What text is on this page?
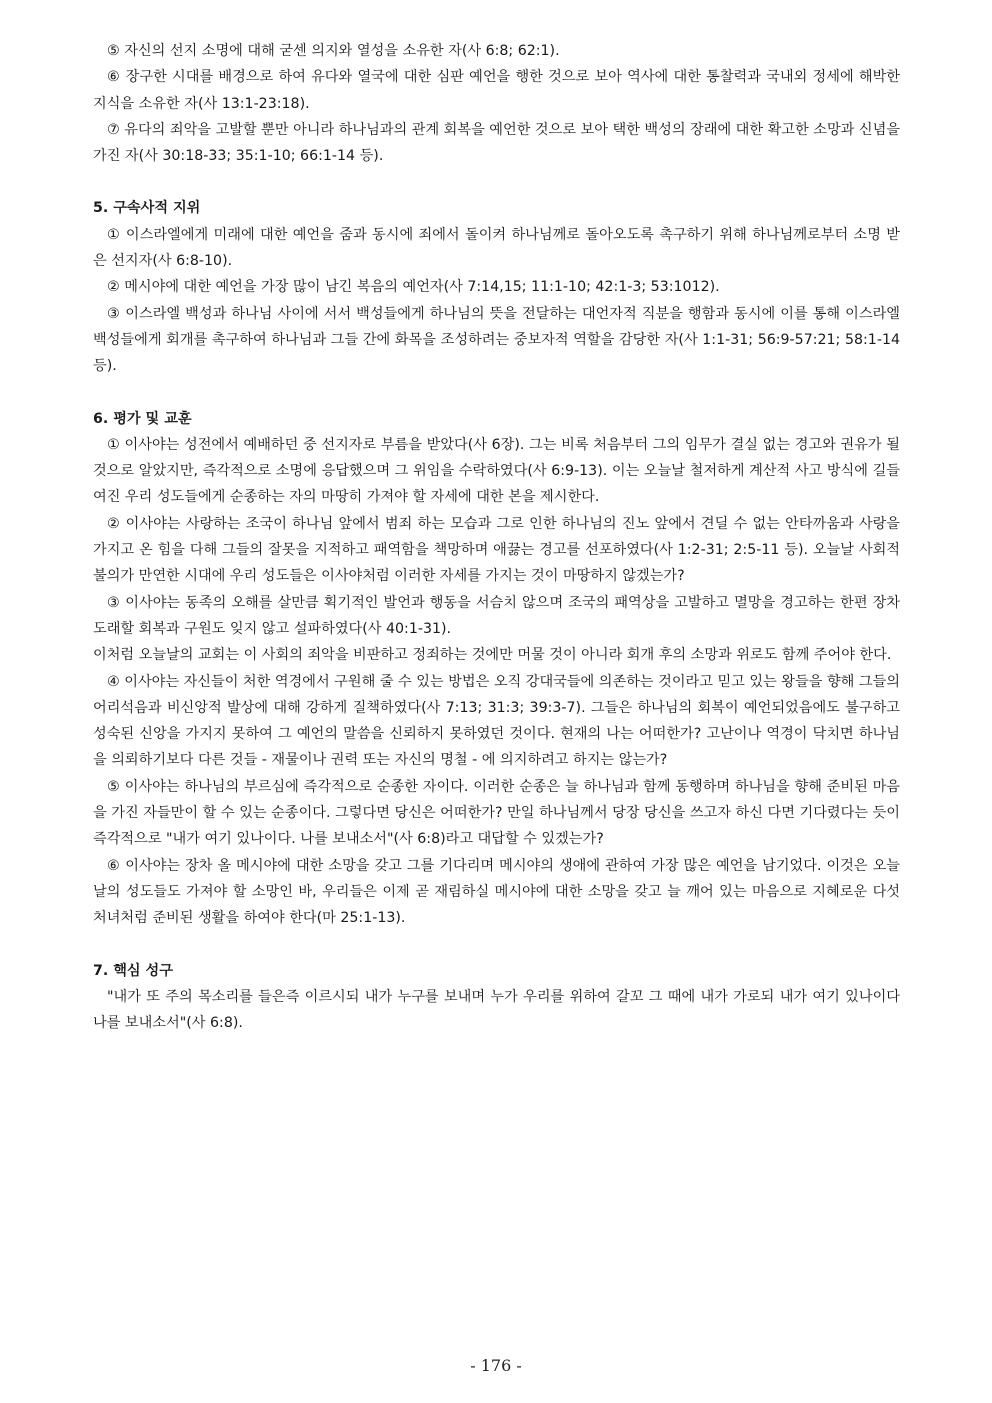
⑤ 자신의 선지 소명에 대해 굳센 의지와 열성을 소유한 자(사 6:8; 62:1).

⑥ 장구한 시대를 배경으로 하여 유다와 열국에 대한 심판 예언을 행한 것으로 보아 역사에 대한 통찰력과 국내외 정세에 해박한 지식을 소유한 자(사 13:1-23:18).

⑦ 유다의 죄악을 고발할 뿐만 아니라 하나님과의 관계 회복을 예언한 것으로 보아 택한 백성의 장래에 대한 확고한 소망과 신념을 가진 자(사 30:18-33; 35:1-10; 66:1-14 등).

5. 구속사적 지위

① 이스라엘에게 미래에 대한 예언을 줌과 동시에 죄에서 돌이켜 하나님께로 돌아오도록 촉구하기 위해 하나님께로부터 소명 받은 선지자(사 6:8-10).

② 메시야에 대한 예언을 가장 많이 남긴 복음의 예언자(사 7:14,15; 11:1-10; 42:1-3; 53:1012).

③ 이스라엘 백성과 하나님 사이에 서서 백성들에게 하나님의 뜻을 전달하는 대언자적 직분을 행함과 동시에 이를 통해 이스라엘 백성들에게 회개를 촉구하여 하나님과 그들 간에 화목을 조성하려는 중보자적 역할을 감당한 자(사 1:1-31; 56:9-57:21; 58:1-14 등).

6. 평가 및 교훈

① 이사야는 성전에서 예배하던 중 선지자로 부름을 받았다(사 6장). 그는 비록 처음부터 그의 임무가 결실 없는 경고와 권유가 될 것으로 알았지만, 즉각적으로 소명에 응답했으며 그 위임을 수락하였다(사 6:9-13). 이는 오늘날 철저하게 계산적 사고 방식에 길들여진 우리 성도들에게 순종하는 자의 마땅히 가져야 할 자세에 대한 본을 제시한다.

② 이사야는 사랑하는 조국이 하나님 앞에서 범죄 하는 모습과 그로 인한 하나님의 진노 앞에서 견딜 수 없는 안타까움과 사랑을 가지고 온 힘을 다해 그들의 잘못을 지적하고 패역함을 책망하며 애끓는 경고를 선포하였다(사 1:2-31; 2:5-11 등). 오늘날 사회적 불의가 만연한 시대에 우리 성도들은 이사야처럼 이러한 자세를 가지는 것이 마땅하지 않겠는가?

③ 이사야는 동족의 오해를 살만큼 획기적인 발언과 행동을 서슴치 않으며 조국의 패역상을 고발하고 멸망을 경고하는 한편 장차 도래할 회복과 구원도 잊지 않고 설파하였다(사 40:1-31).

이처럼 오늘날의 교회는 이 사회의 죄악을 비판하고 정죄하는 것에만 머물 것이 아니라 회개 후의 소망과 위로도 함께 주어야 한다.

④ 이사야는 자신들이 처한 역경에서 구원해 줄 수 있는 방법은 오직 강대국들에 의존하는 것이라고 믿고 있는 왕들을 향해 그들의 어리석음과 비신앙적 발상에 대해 강하게 질책하였다(사 7:13; 31:3; 39:3-7). 그들은 하나님의 회복이 예언되었음에도 불구하고 성숙된 신앙을 가지지 못하여 그 예언의 말씀을 신뢰하지 못하였던 것이다. 현재의 나는 어떠한가? 고난이나 역경이 닥치면 하나님을 의뢰하기보다 다른 것들 - 재물이나 권력 또는 자신의 명철 - 에 의지하려고 하지는 않는가?

⑤ 이사야는 하나님의 부르심에 즉각적으로 순종한 자이다. 이러한 순종은 늘 하나님과 함께 동행하며 하나님을 향해 준비된 마음을 가진 자들만이 할 수 있는 순종이다. 그렇다면 당신은 어떠한가? 만일 하나님께서 당장 당신을 쓰고자 하신 다면 기다렸다는 듯이 즉각적으로 "내가 여기 있나이다. 나를 보내소서"(사 6:8)라고 대답할 수 있겠는가?

⑥ 이사야는 장차 올 메시야에 대한 소망을 갖고 그를 기다리며 메시야의 생애에 관하여 가장 많은 예언을 남기었다. 이것은 오늘날의 성도들도 가져야 할 소망인 바, 우리들은 이제 곧 재림하실 메시야에 대한 소망을 갖고 늘 깨어 있는 마음으로 지혜로운 다섯 처녀처럼 준비된 생활을 하여야 한다(마 25:1-13).

7. 핵심 성구

"내가 또 주의 목소리를 들은즉 이르시되 내가 누구를 보내며 누가 우리를 위하여 갈꼬 그 때에 내가 가로되 내가 여기 있나이다 나를 보내소서"(사 6:8).

- 176 -
